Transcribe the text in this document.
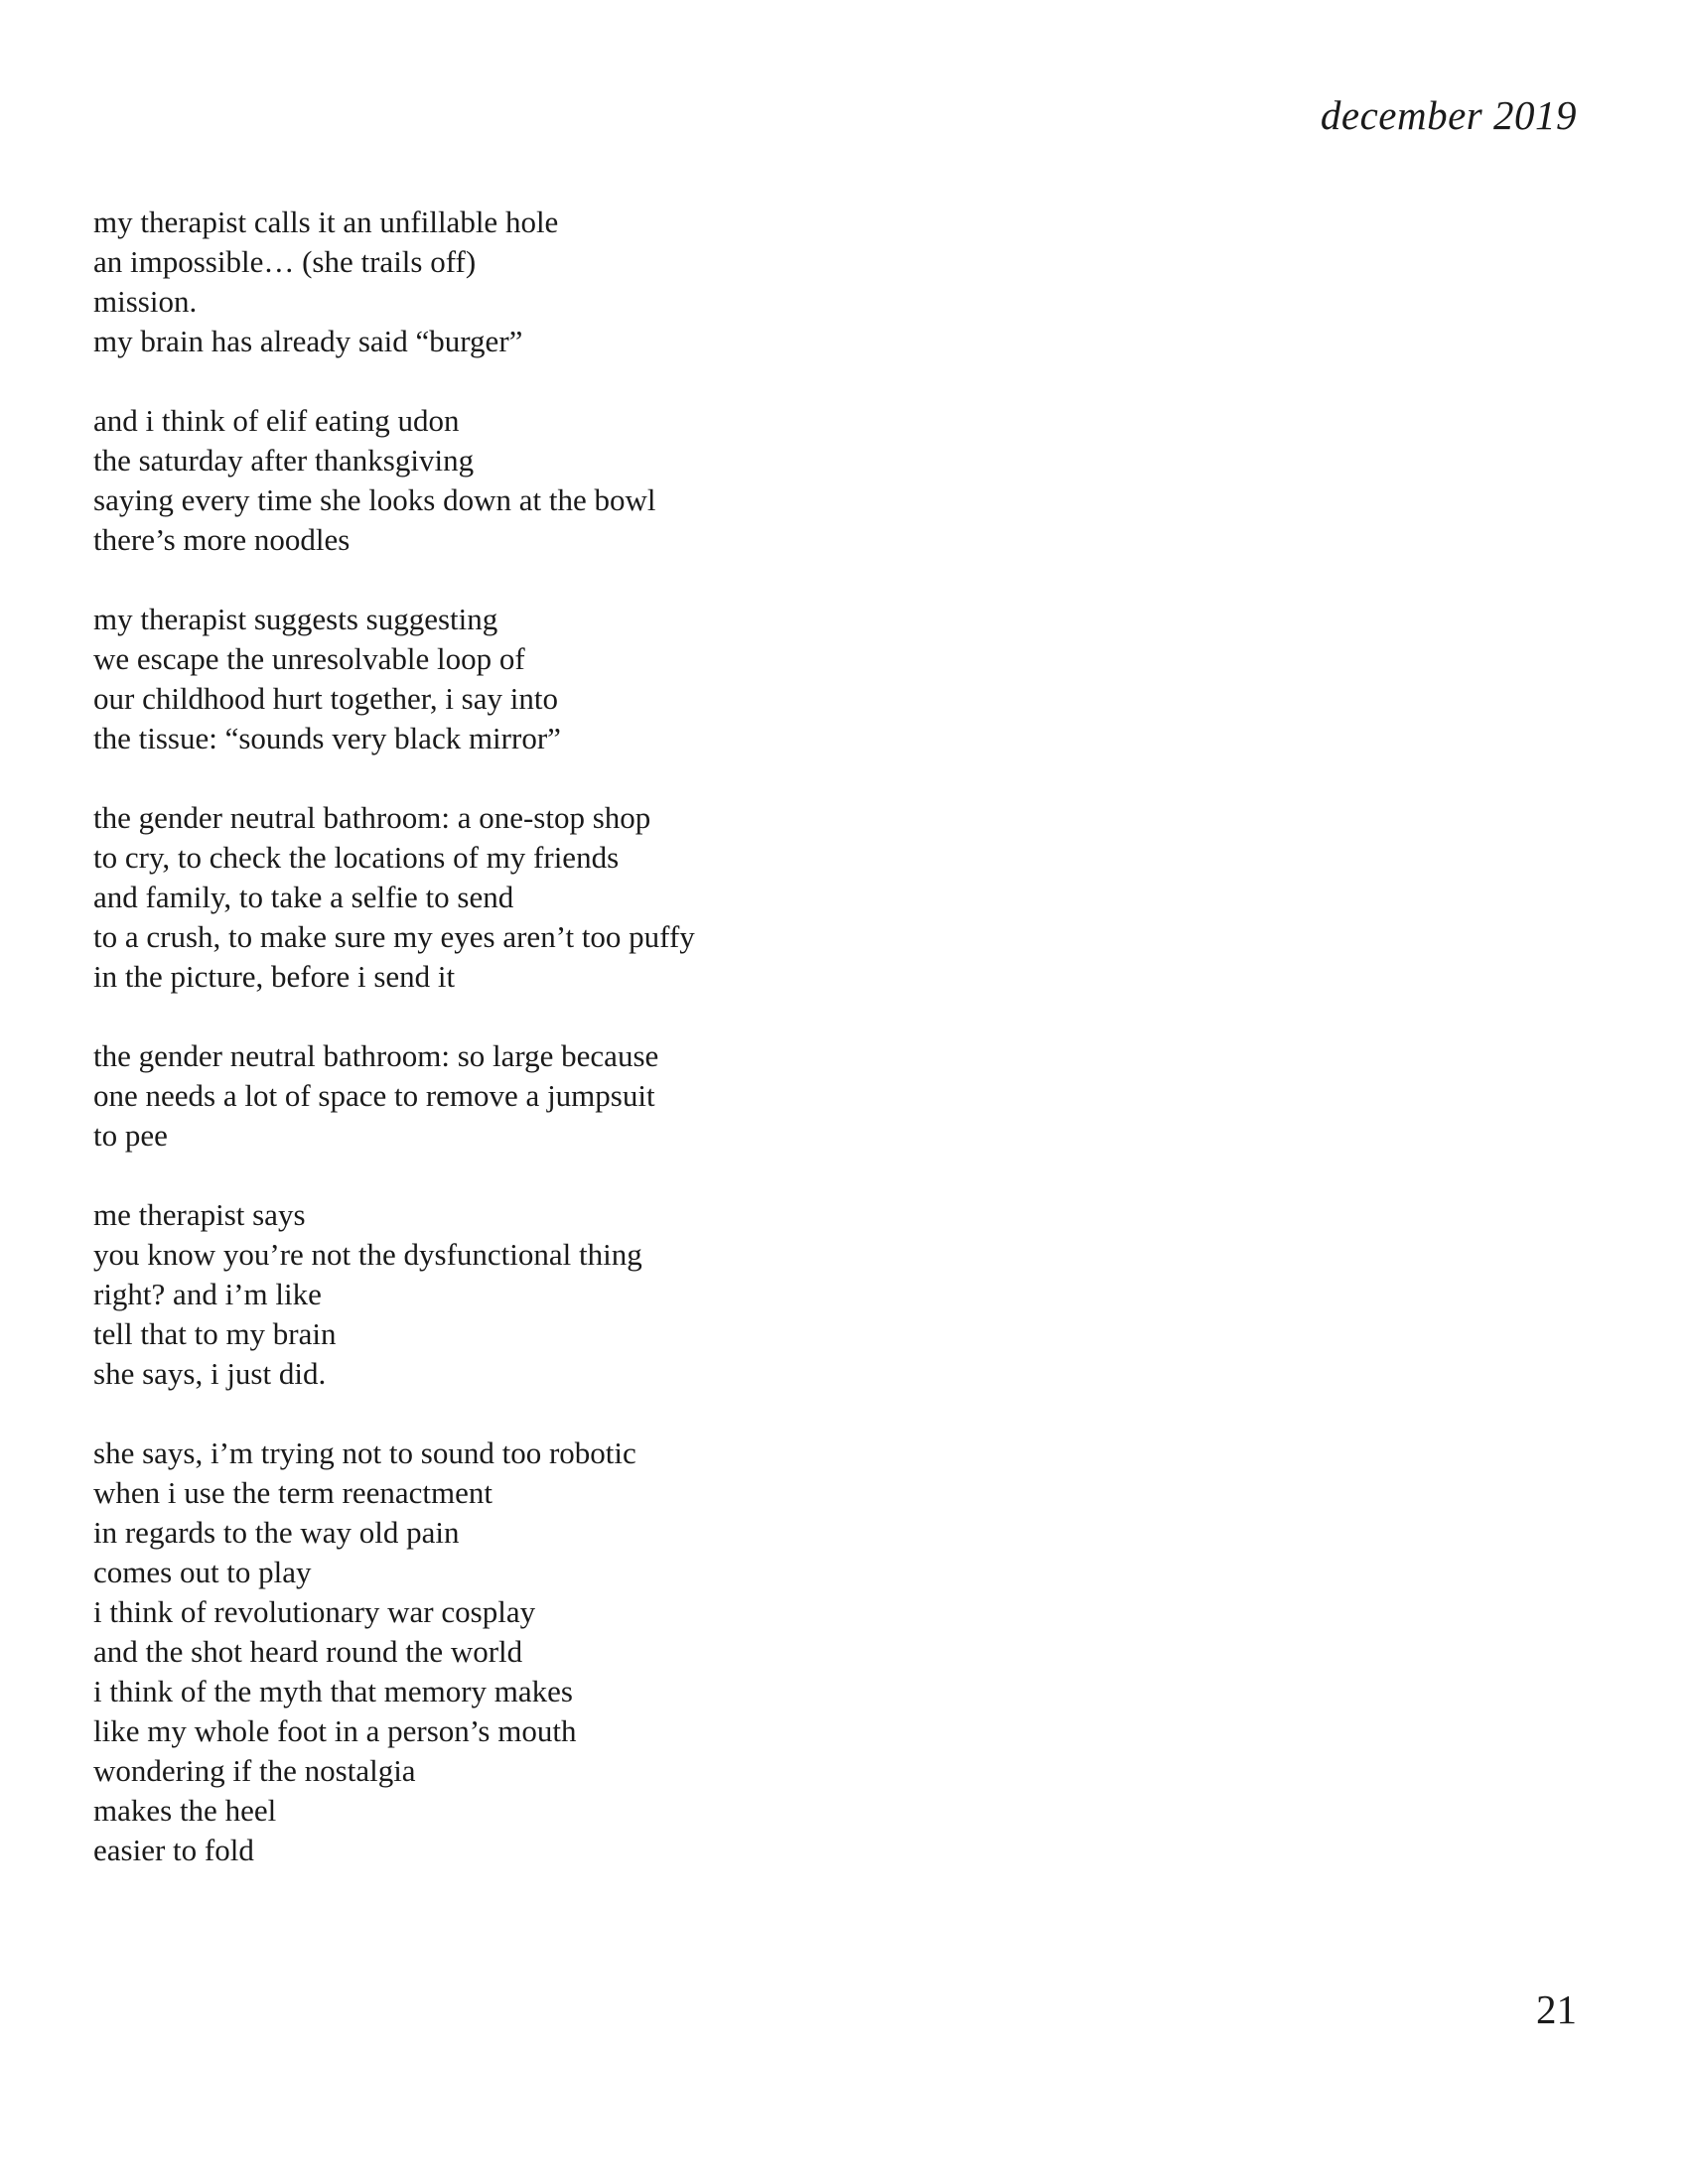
december 2019
my therapist calls it an unfillable hole
an impossible… (she trails off)
mission.
my brain has already said “burger”
and i think of elif eating udon
the saturday after thanksgiving
saying every time she looks down at the bowl
there’s more noodles
my therapist suggests suggesting
we escape the unresolvable loop of
our childhood hurt together, i say into
the tissue: “sounds very black mirror”
the gender neutral bathroom: a one-stop shop
to cry, to check the locations of my friends
and family, to take a selfie to send
to a crush, to make sure my eyes aren’t too puffy
in the picture, before i send it
the gender neutral bathroom: so large because
one needs a lot of space to remove a jumpsuit
to pee
me therapist says
you know you’re not the dysfunctional thing
right? and i’m like
tell that to my brain
she says, i just did.
she says, i’m trying not to sound too robotic
when i use the term reenactment
in regards to the way old pain
comes out to play
i think of revolutionary war cosplay
and the shot heard round the world
i think of the myth that memory makes
like my whole foot in a person’s mouth
wondering if the nostalgia
makes the heel
easier to fold
21
